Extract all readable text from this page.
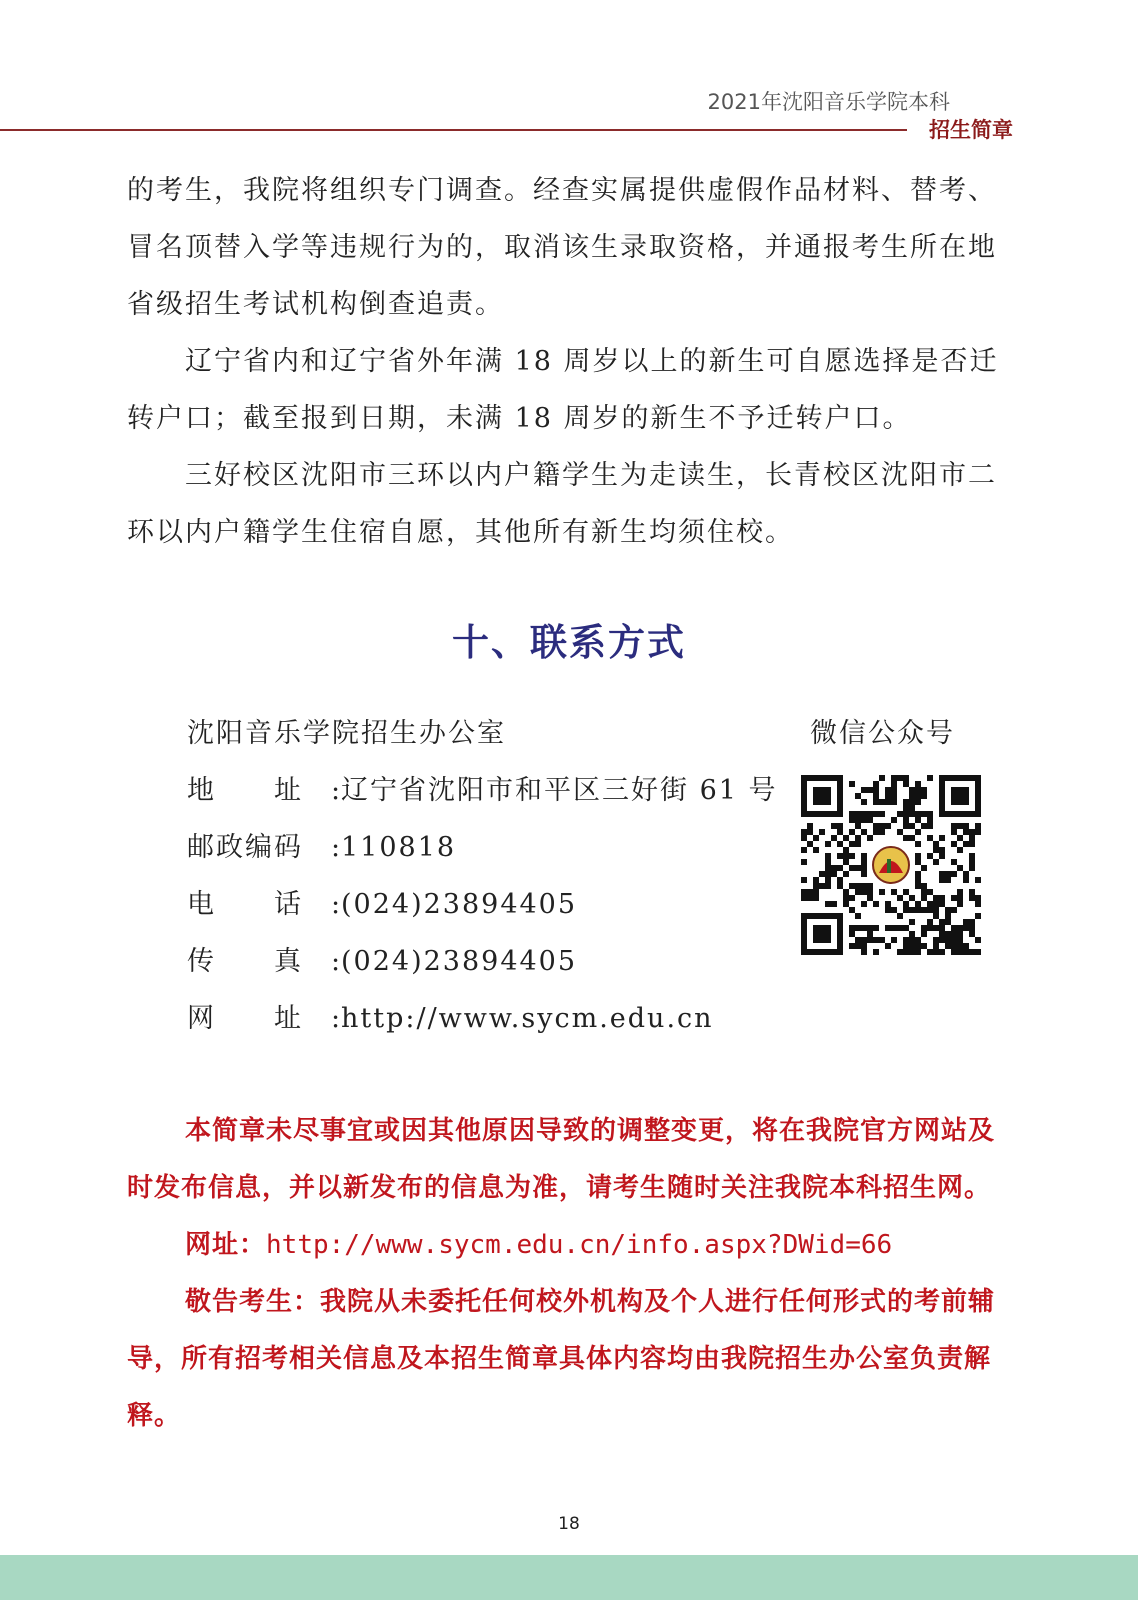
2021年沈阳音乐学院本科
招生简章

的考生，我院将组织专门调查。经查实属提供虚假作品材料、替考、冒名顶替入学等违规行为的，取消该生录取资格，并通报考生所在地省级招生考试机构倒查追责。

辽宁省内和辽宁省外年满 18 周岁以上的新生可自愿选择是否迁转户口；截至报到日期，未满 18 周岁的新生不予迁转户口。

三好校区沈阳市三环以内户籍学生为走读生，长青校区沈阳市二环以内户籍学生住宿自愿，其他所有新生均须住校。

十、联系方式
沈阳音乐学院招生办公室
地　　址	:
辽宁省沈阳市和平区三好街 61 号
邮政编码	:
110818
电　　话	:
(024)23894405
传　　真	:
(024)23894405
网　　址	:
http://www.sycm.edu.cn
微信公众号

本简章未尽事宜或因其他原因导致的调整变更，将在我院官方网站及时发布信息，并以新发布的信息为准，请考生随时关注我院本科招生网。

网址：http://www.sycm.edu.cn/info.aspx?DWid=66

敬告考生：我院从未委托任何校外机构及个人进行任何形式的考前辅导，所有招考相关信息及本招生简章具体内容均由我院招生办公室负责解释。

18
